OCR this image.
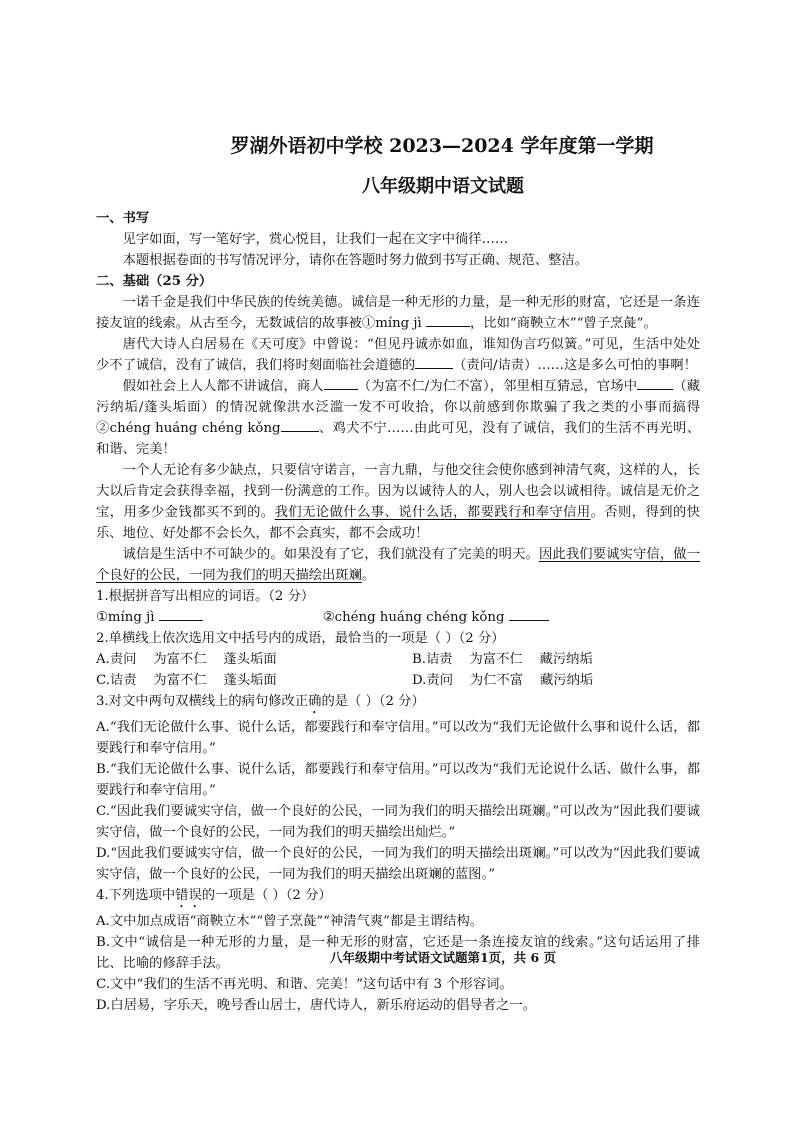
罗湖外语初中学校 2023—2024 学年度第一学期
八年级期中语文试题
一、书写
见字如面，写一笔好字，赏心悦目，让我们一起在文字中徜徉……
本题根据卷面的书写情况评分，请你在答题时努力做到书写正确、规范、整洁。
二、基础（25 分）
一诺千金是我们中华民族的传统美德。诚信是一种无形的力量，是一种无形的财富，它还是一条连接友谊的线索。从古至今，无数诚信的故事被①míng jì	，比如“商鞅立木”“曾子烹彘”。
唐代大诗人白居易在《天可度》中曾说：“但见丹诚赤如血，谁知伪言巧似簧。”可见，生活中处处少不了诚信，没有了诚信，我们将时刻面临社会道德的	（责问/诘责）……这是多么可怕的事啊！
假如社会上人人都不讲诚信，商人	（为富不仁/为仁不富），邻里相互猜忌，官场中	（藏污纳垢/蓬头垢面）的情况就像洪水泛滥一发不可收拾，你以前感到你欺骗了我之类的小事而搞得②chéng huáng chéng kǒng	、鸡犬不宁……由此可见，没有了诚信，我们的生活不再光明、和谐、完美！
一个人无论有多少缺点，只要信守诺言，一言九鼎，与他交往会使你感到神清气爽，这样的人，长大以后肯定会获得幸福，找到一份满意的工作。因为以诚待人的人，别人也会以诚相待。诚信是无价之宝，用多少金钱都买不到的。我们无论做什么事、说什么话，都要践行和奉守信用。否则，得到的快乐、地位、好处都不会长久，都不会真实，都不会成功！
诚信是生活中不可缺少的。如果没有了它，我们就没有了完美的明天。因此我们要诚实守信，做一个良好的公民，一同为我们的明天描绘出斑斓。
1.根据拼音写出相应的词语。（2 分）
①míng jì	②chéng huáng chéng kǒng
2.单横线上依次选用文中括号内的成语，最恰当的一项是（ ）（2 分）
A.责问    为富不仁    蓬头垢面	B.诘责    为富不仁    藏污纳垢
C.诘责    为富不仁    蓬头垢面	D.责问    为仁不富    藏污纳垢
3.对文中两句双横线上的病句修改正确的是（ ）（2 分）
A.“我们无论做什么事、说什么话，都要践行和奉守信用。”可以改为“我们无论做什么事和说什么话，都要践行和奉守信用。”
B.“我们无论做什么事、说什么话，都要践行和奉守信用。”可以改为“我们无论说什么话、做什么事，都要践行和奉守信用。”
C.“因此我们要诚实守信，做一个良好的公民，一同为我们的明天描绘出斑斓。”可以改为“因此我们要诚实守信，做一个良好的公民，一同为我们的明天描绘出灿烂。”
D.“因此我们要诚实守信，做一个良好的公民，一同为我们的明天描绘出斑斓。”可以改为“因此我们要诚实守信，做一个良好的公民，一同为我们的明天描绘出斑斓的蓝图。”
4.下列选项中错误的一项是（ ）（2 分）
A.文中加点成语“商鞅立木”“曾子烹彘”“神清气爽”都是主谓结构。
B.文中“诚信是一种无形的力量，是一种无形的财富，它还是一条连接友谊的线索。”这句话运用了排比、比喻的修辞手法。
C.文中“我们的生活不再光明、和谐、完美！”这句话中有 3 个形容词。
D.白居易，字乐天，晚号香山居士，唐代诗人，新乐府运动的倡导者之一。
八年级期中考试语文试题第1页，共 6 页
